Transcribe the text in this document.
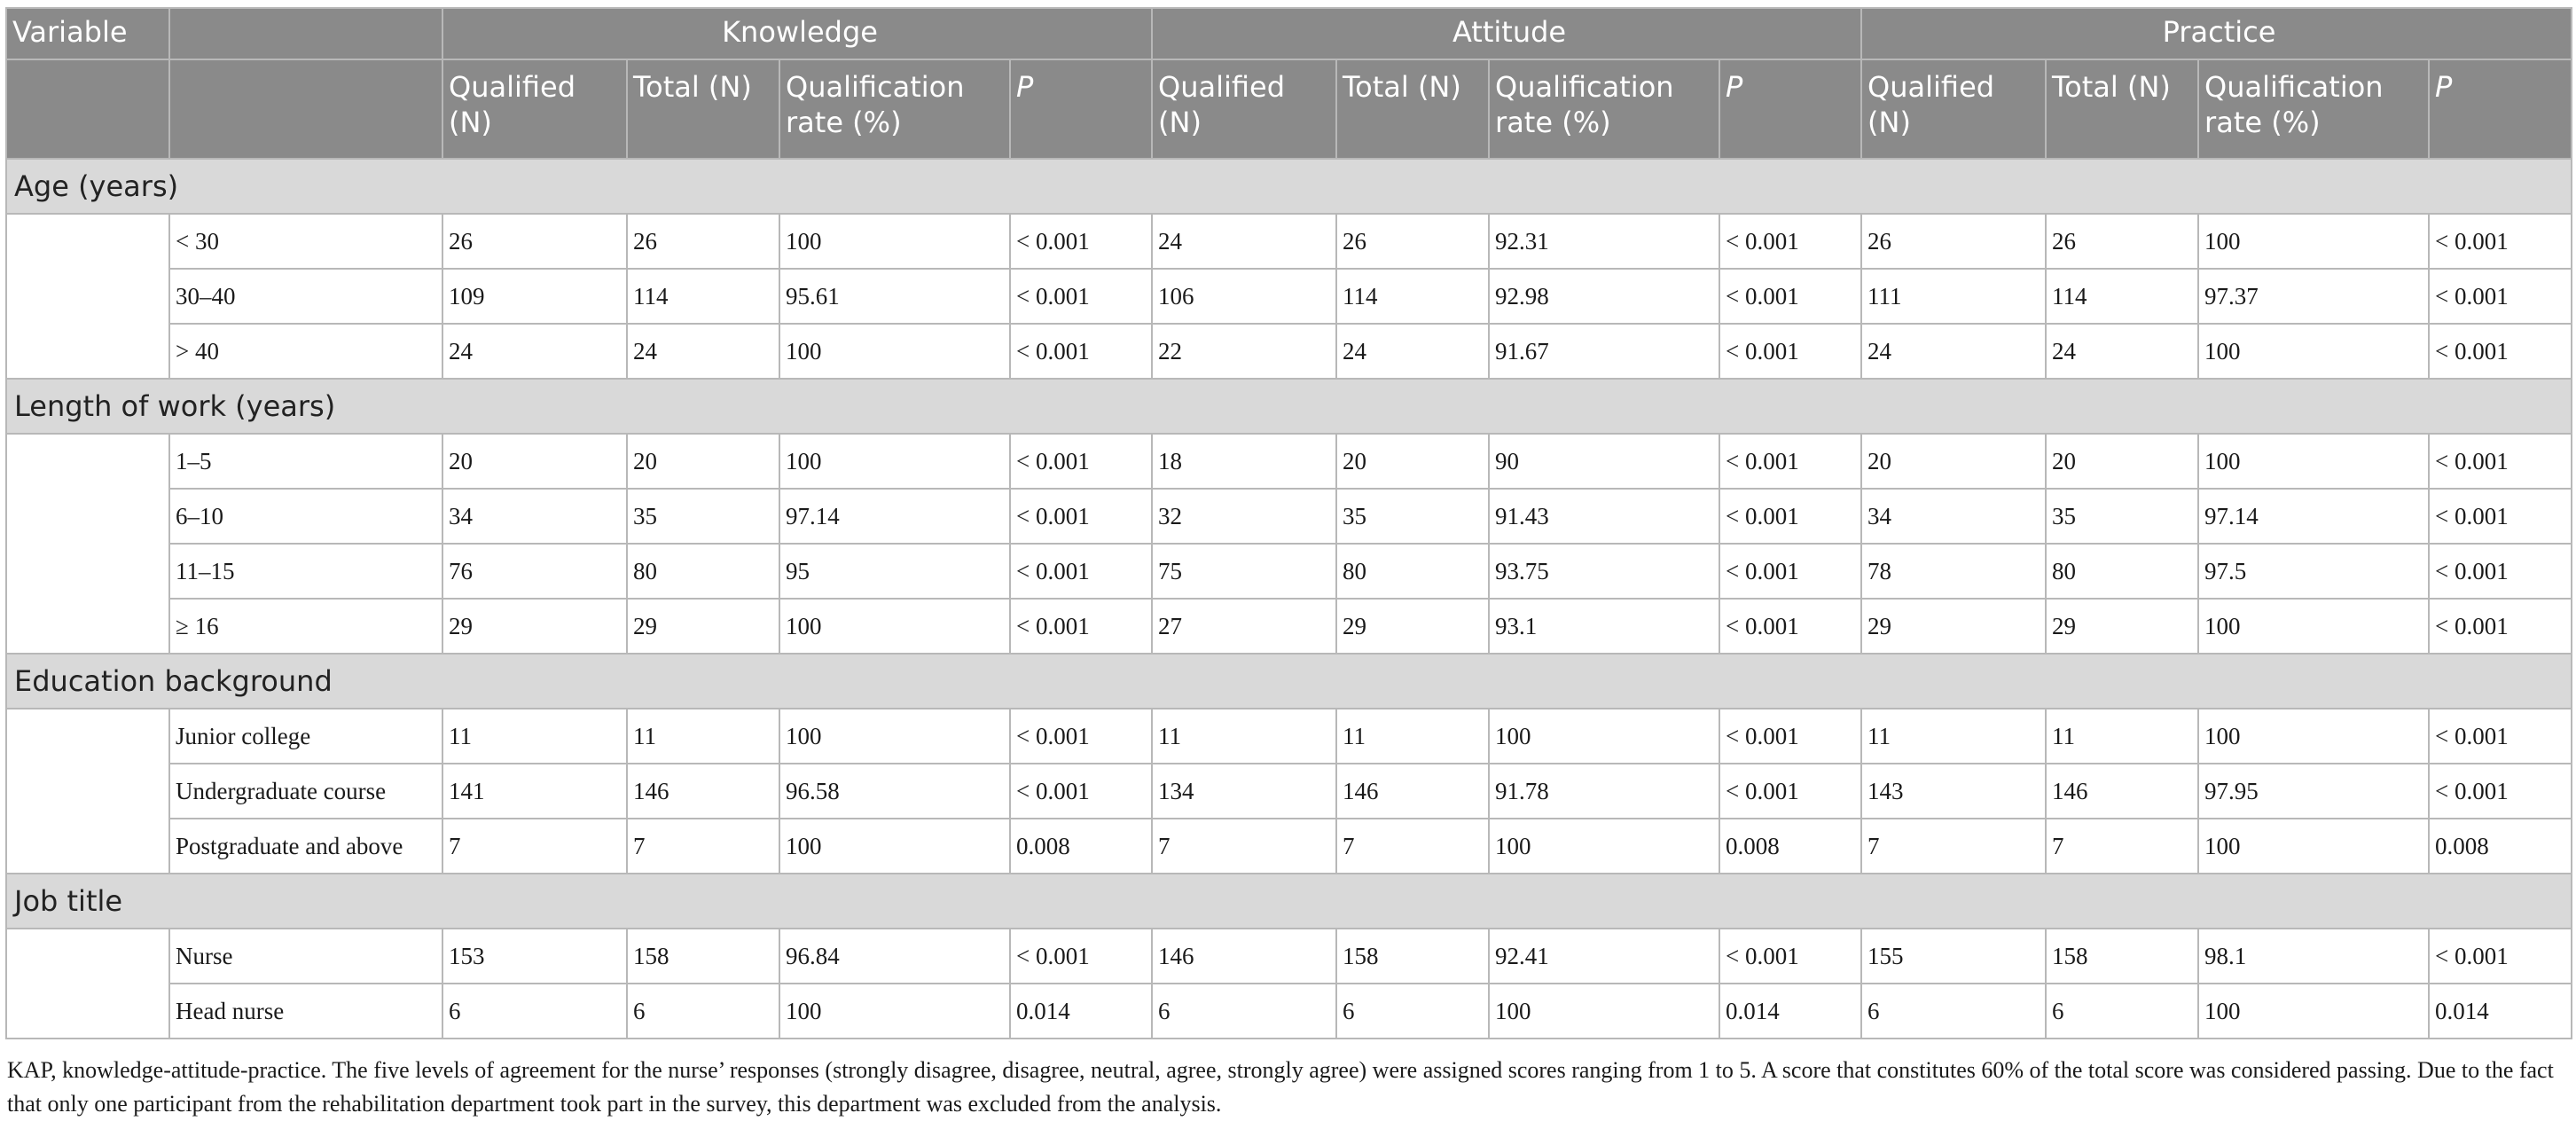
Variable		Knowledge				Attitude				Practice			
		Qualified (N)	Total (N)	Qualification rate (%)	P	Qualified (N)	Total (N)	Qualification rate (%)	P	Qualified (N)	Total (N)	Qualification rate (%)	P
Age (years)													
	< 30	26	26	100	< 0.001	24	26	92.31	< 0.001	26	26	100	< 0.001
	30–40	109	114	95.61	< 0.001	106	114	92.98	< 0.001	111	114	97.37	< 0.001
	> 40	24	24	100	< 0.001	22	24	91.67	< 0.001	24	24	100	< 0.001
Length of work (years)													
	1–5	20	20	100	< 0.001	18	20	90	< 0.001	20	20	100	< 0.001
	6–10	34	35	97.14	< 0.001	32	35	91.43	< 0.001	34	35	97.14	< 0.001
	11–15	76	80	95	< 0.001	75	80	93.75	< 0.001	78	80	97.5	< 0.001
	≥ 16	29	29	100	< 0.001	27	29	93.1	< 0.001	29	29	100	< 0.001
Education background													
	Junior college	11	11	100	< 0.001	11	11	100	< 0.001	11	11	100	< 0.001
	Undergraduate course	141	146	96.58	< 0.001	134	146	91.78	< 0.001	143	146	97.95	< 0.001
	Postgraduate and above	7	7	100	0.008	7	7	100	0.008	7	7	100	0.008
Job title													
	Nurse	153	158	96.84	< 0.001	146	158	92.41	< 0.001	155	158	98.1	< 0.001
	Head nurse	6	6	100	0.014	6	6	100	0.014	6	6	100	0.014
KAP, knowledge-attitude-practice. The five levels of agreement for the nurse’ responses (strongly disagree, disagree, neutral, agree, strongly agree) were assigned scores ranging from 1 to 5. A score that constitutes 60% of the total score was considered passing. Due to the fact that only one participant from the rehabilitation department took part in the survey, this department was excluded from the analysis.
